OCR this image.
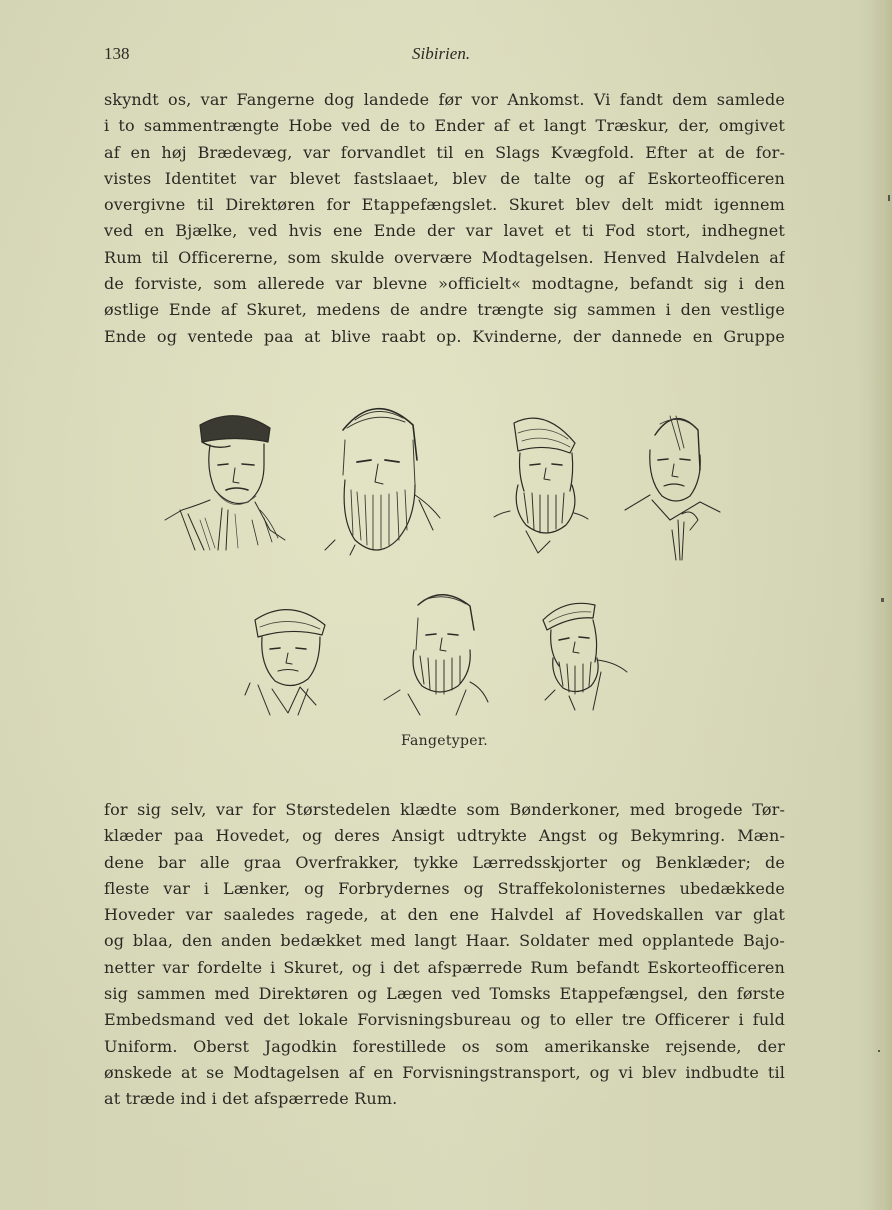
138	Sibirien.
skyndt os, var Fangerne dog landede før vor Ankomst. Vi fandt dem samlede
i to sammentrængte Hobe ved de to Ender af et langt Træskur, der, omgivet
af en høj Brædevæg, var forvandlet til en Slags Kvægfold. Efter at de for-
vistes Identitet var blevet fastslaaet, blev de talte og af Eskorteofficeren
overgivne til Direktøren for Etappefængslet. Skuret blev delt midt igennem
ved en Bjælke, ved hvis ene Ende der var lavet et ti Fod stort, indhegnet
Rum til Officererne, som skulde overvære Modtagelsen. Henved Halvdelen af
de forviste, som allerede var blevne »officielt« modtagne, befandt sig i den
østlige Ende af Skuret, medens de andre trængte sig sammen i den vestlige
Ende og ventede paa at blive raabt op. Kvinderne, der dannede en Gruppe
Fangetyper.
for sig selv, var for Størstedelen klædte som Bønderkoner, med brogede Tør-
klæder paa Hovedet, og deres Ansigt udtrykte Angst og Bekymring. Mæn-
dene bar alle graa Overfrakker, tykke Lærredsskjorter og Benklæder; de
fleste var i Lænker, og Forbrydernes og Straffekolonisternes ubedækkede
Hoveder var saaledes ragede, at den ene Halvdel af Hovedskallen var glat
og blaa, den anden bedækket med langt Haar. Soldater med opplantede Bajo-
netter var fordelte i Skuret, og i det afspærrede Rum befandt Eskorteofficeren
sig sammen med Direktøren og Lægen ved Tomsks Etappefængsel, den første
Embedsmand ved det lokale Forvisningsbureau og to eller tre Officerer i fuld
Uniform. Oberst Jagodkin forestillede os som amerikanske rejsende, der
ønskede at se Modtagelsen af en Forvisningstransport, og vi blev indbudte til
at træde ind i det afspærrede Rum.
